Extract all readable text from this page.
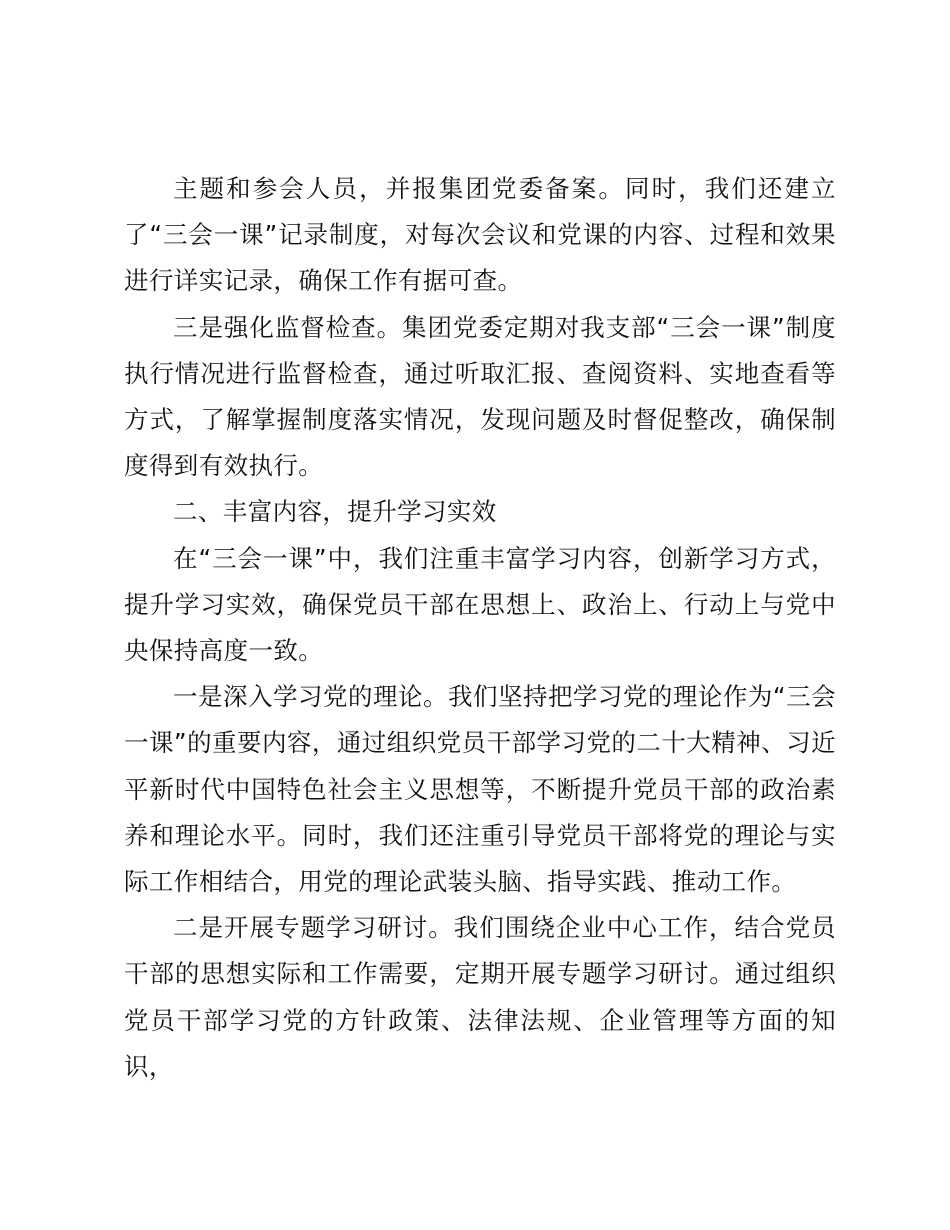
主题和参会人员，并报集团党委备案。同时，我们还建立了“三会一课”记录制度，对每次会议和党课的内容、过程和效果进行详实记录，确保工作有据可查。

三是强化监督检查。集团党委定期对我支部“三会一课”制度执行情况进行监督检查，通过听取汇报、查阅资料、实地查看等方式，了解掌握制度落实情况，发现问题及时督促整改，确保制度得到有效执行。

二、丰富内容，提升学习实效

在“三会一课”中，我们注重丰富学习内容，创新学习方式，提升学习实效，确保党员干部在思想上、政治上、行动上与党中央保持高度一致。

一是深入学习党的理论。我们坚持把学习党的理论作为“三会一课”的重要内容，通过组织党员干部学习党的二十大精神、习近平新时代中国特色社会主义思想等，不断提升党员干部的政治素养和理论水平。同时，我们还注重引导党员干部将党的理论与实际工作相结合，用党的理论武装头脑、指导实践、推动工作。

二是开展专题学习研讨。我们围绕企业中心工作，结合党员干部的思想实际和工作需要，定期开展专题学习研讨。通过组织党员干部学习党的方针政策、法律法规、企业管理等方面的知识，
